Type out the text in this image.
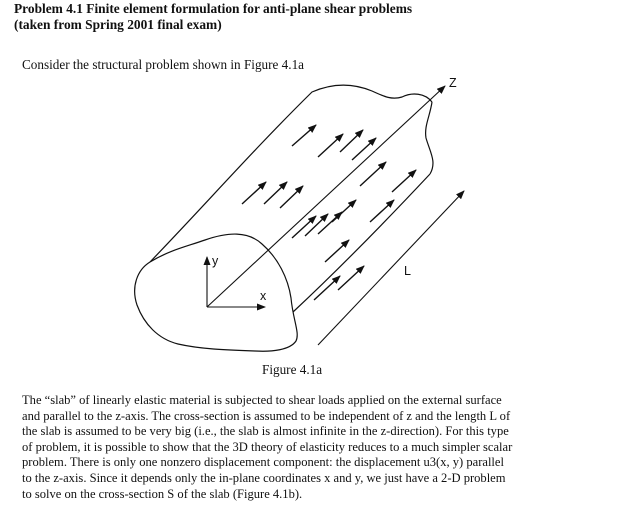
Problem 4.1 Finite element formulation for anti-plane shear problems
(taken from Spring 2001 final exam)

Consider the structural problem shown in Figure 4.1a

Z
y
x
L

Figure 4.1a

The “slab” of linearly elastic material is subjected to shear loads applied on the external surface
and parallel to the z-axis. The cross-section is assumed to be independent of z and the length L of
the slab is assumed to be very big (i.e., the slab is almost infinite in the z-direction). For this type
of problem, it is possible to show that the 3D theory of elasticity reduces to a much simpler scalar
problem. There is only one nonzero displacement component: the displacement u3(x, y) parallel
to the z-axis. Since it depends only the in-plane coordinates x and y, we just have a 2-D problem
to solve on the cross-section S of the slab (Figure 4.1b).
